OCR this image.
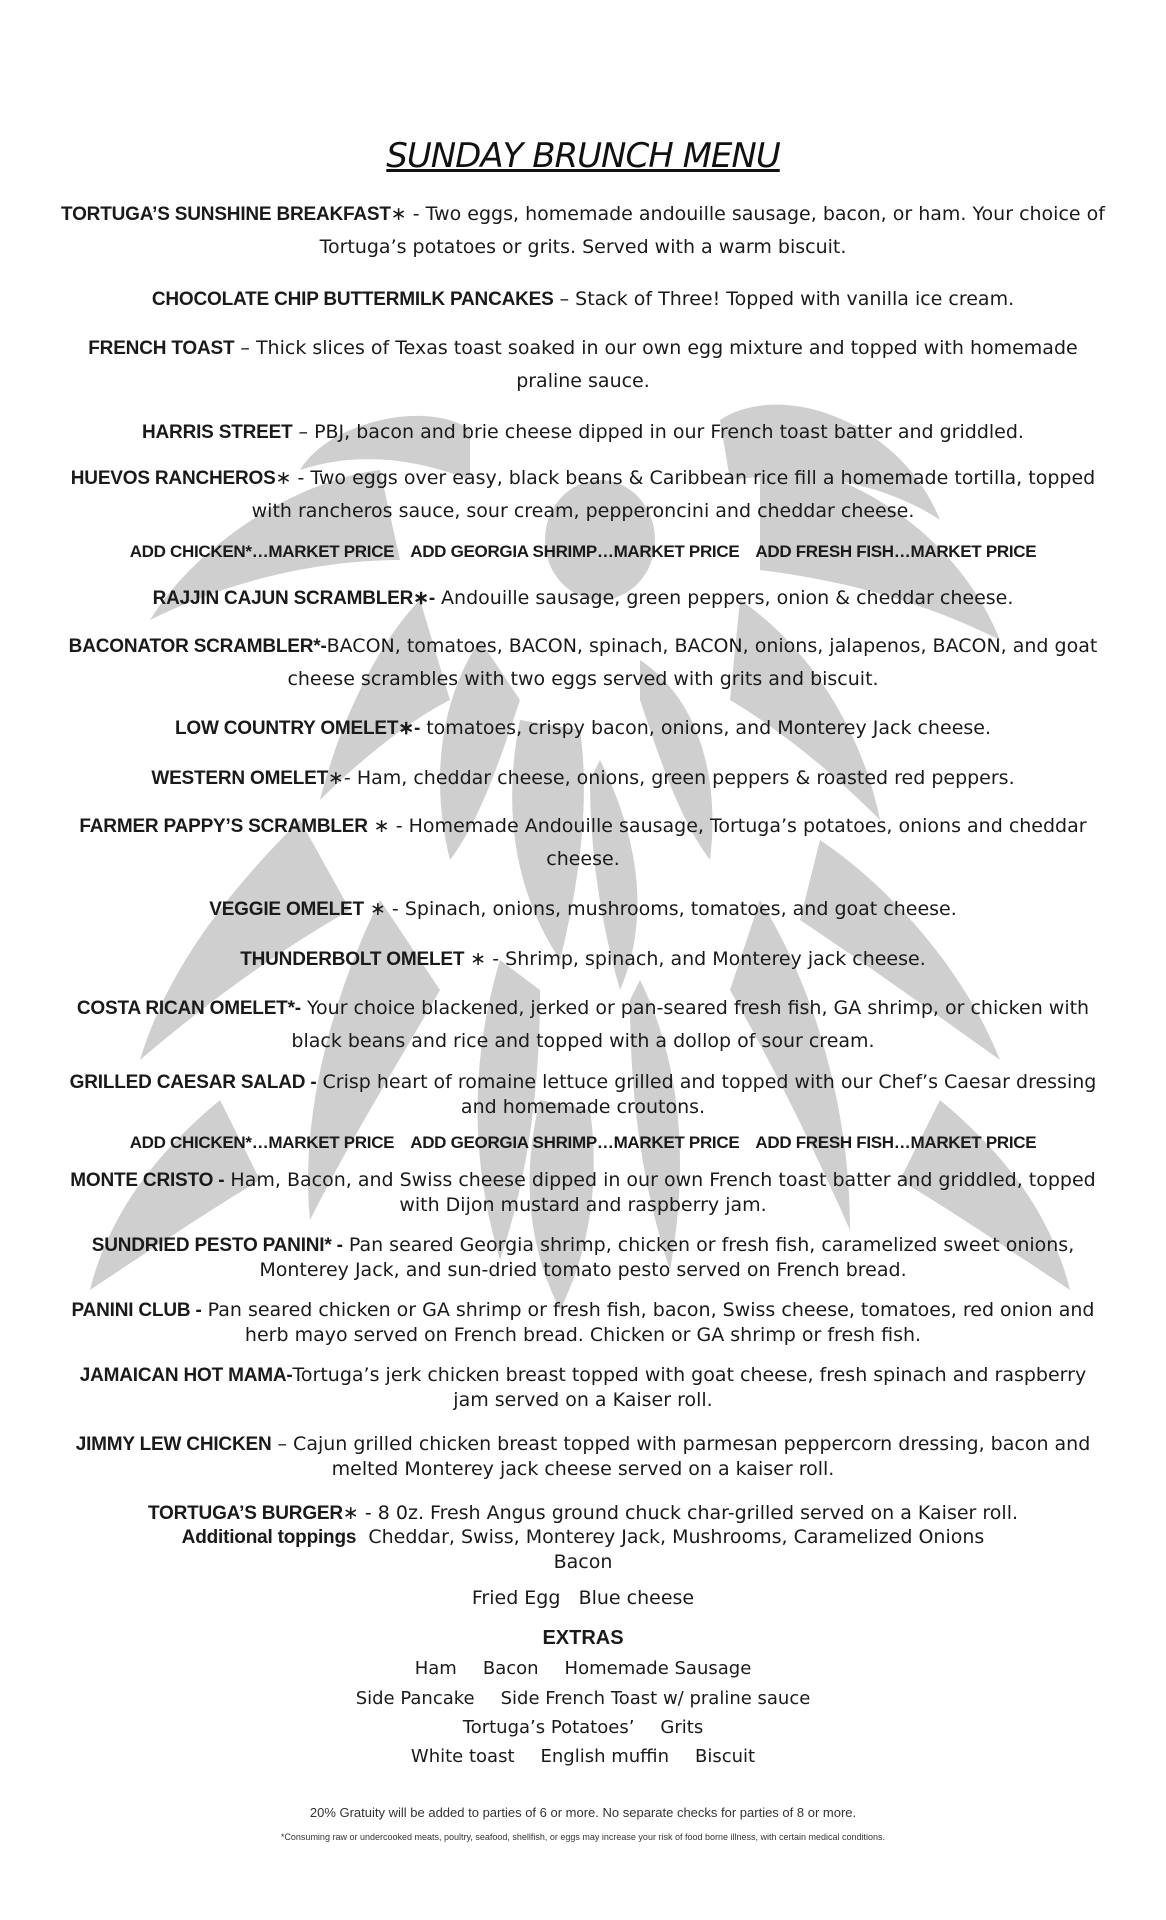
SUNDAY BRUNCH MENU
TORTUGA’S SUNSHINE BREAKFAST∗ - Two eggs, homemade andouille sausage, bacon, or ham. Your choice of Tortuga’s potatoes or grits. Served with a warm biscuit.
CHOCOLATE CHIP BUTTERMILK PANCAKES – Stack of Three! Topped with vanilla ice cream.
FRENCH TOAST – Thick slices of Texas toast soaked in our own egg mixture and topped with homemade praline sauce.
HARRIS STREET – PBJ, bacon and brie cheese dipped in our French toast batter and griddled.
HUEVOS RANCHEROS∗ - Two eggs over easy, black beans & Caribbean rice fill a homemade tortilla, topped with rancheros sauce, sour cream, pepperoncini and cheddar cheese.
ADD CHICKEN*…MARKET PRICE ADD GEORGIA SHRIMP…MARKET PRICE ADD FRESH FISH…MARKET PRICE
RAJJIN CAJUN SCRAMBLER∗- Andouille sausage, green peppers, onion & cheddar cheese.
BACONATOR SCRAMBLER*-BACON, tomatoes, BACON, spinach, BACON, onions, jalapenos, BACON, and goat cheese scrambles with two eggs served with grits and biscuit.
LOW COUNTRY OMELET∗- tomatoes, crispy bacon, onions, and Monterey Jack cheese.
WESTERN OMELET∗- Ham, cheddar cheese, onions, green peppers & roasted red peppers.
FARMER PAPPY’S SCRAMBLER ∗ - Homemade Andouille sausage, Tortuga’s potatoes, onions and cheddar cheese.
VEGGIE OMELET ∗ - Spinach, onions, mushrooms, tomatoes, and goat cheese.
THUNDERBOLT OMELET ∗ - Shrimp, spinach, and Monterey jack cheese.
COSTA RICAN OMELET*- Your choice blackened, jerked or pan-seared fresh fish, GA shrimp, or chicken with black beans and rice and topped with a dollop of sour cream.
GRILLED CAESAR SALAD - Crisp heart of romaine lettuce grilled and topped with our Chef’s Caesar dressing and homemade croutons.
ADD CHICKEN*…MARKET PRICE ADD GEORGIA SHRIMP…MARKET PRICE ADD FRESH FISH…MARKET PRICE
MONTE CRISTO - Ham, Bacon, and Swiss cheese dipped in our own French toast batter and griddled, topped with Dijon mustard and raspberry jam.
SUNDRIED PESTO PANINI* - Pan seared Georgia shrimp, chicken or fresh fish, caramelized sweet onions, Monterey Jack, and sun-dried tomato pesto served on French bread.
PANINI CLUB - Pan seared chicken or GA shrimp or fresh fish, bacon, Swiss cheese, tomatoes, red onion and herb mayo served on French bread. Chicken or GA shrimp or fresh fish.
JAMAICAN HOT MAMA-Tortuga’s jerk chicken breast topped with goat cheese, fresh spinach and raspberry jam served on a Kaiser roll.
JIMMY LEW CHICKEN – Cajun grilled chicken breast topped with parmesan peppercorn dressing, bacon and melted Monterey jack cheese served on a kaiser roll.
TORTUGA’S BURGER∗ - 8 0z. Fresh Angus ground chuck char-grilled served on a Kaiser roll.
Additional toppings Cheddar, Swiss, Monterey Jack, Mushrooms, Caramelized Onions
Bacon
Fried Egg Blue cheese
EXTRAS
Ham Bacon Homemade Sausage
Side Pancake Side French Toast w/ praline sauce
Tortuga’s Potatoes’ Grits
White toast English muffin Biscuit
20% Gratuity will be added to parties of 6 or more. No separate checks for parties of 8 or more.
*Consuming raw or undercooked meats, poultry, seafood, shellfish, or eggs may increase your risk of food borne illness, with certain medical conditions.
